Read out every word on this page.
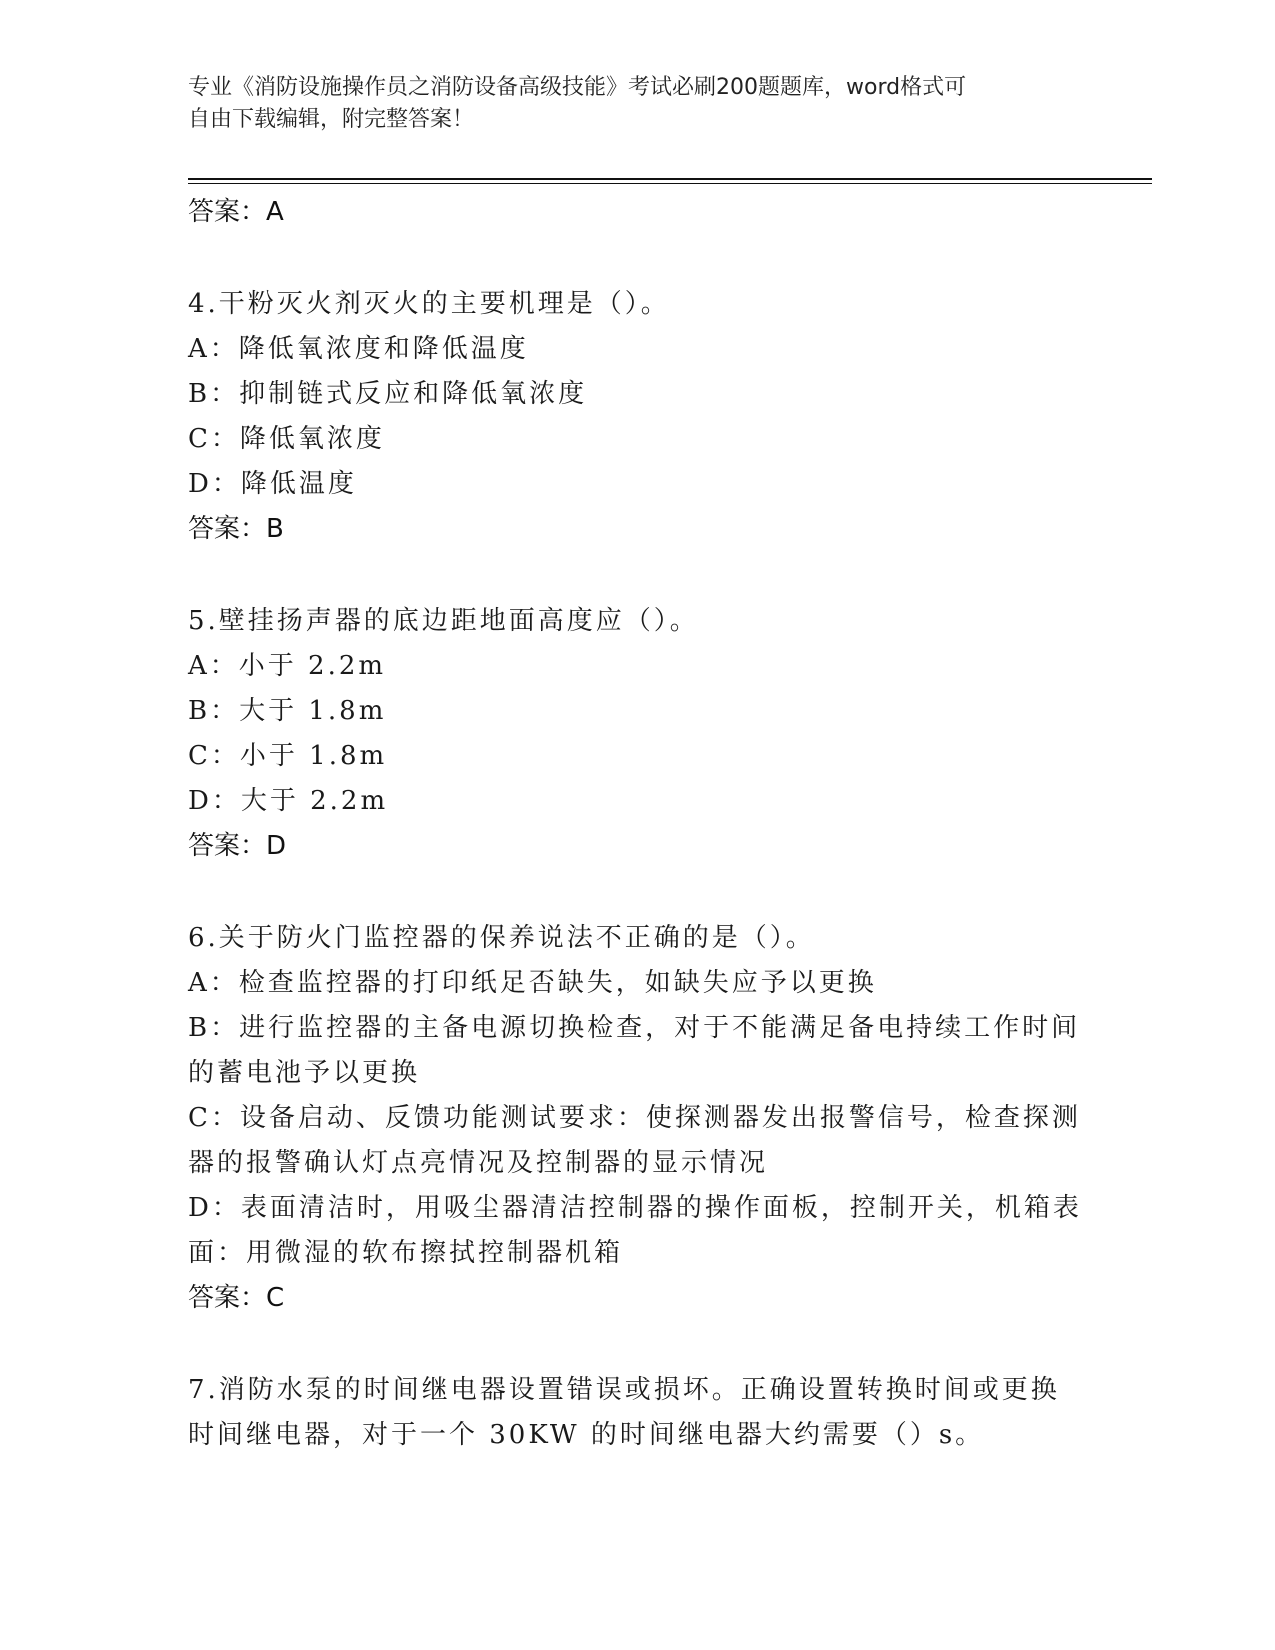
专业《消防设施操作员之消防设备高级技能》考试必刷200题题库，word格式可
自由下载编辑，附完整答案！
答案：A
4.干粉灭火剂灭火的主要机理是（）。
A：降低氧浓度和降低温度
B：抑制链式反应和降低氧浓度
C：降低氧浓度
D：降低温度
答案：B
5.壁挂扬声器的底边距地面高度应（）。
A：小于 2.2m
B：大于 1.8m
C：小于 1.8m
D：大于 2.2m
答案：D
6.关于防火门监控器的保养说法不正确的是（）。
A：检查监控器的打印纸足否缺失，如缺失应予以更换
B：进行监控器的主备电源切换检查，对于不能满足备电持续工作时间
的蓄电池予以更换
C：设备启动、反馈功能测试要求：使探测器发出报警信号，检查探测
器的报警确认灯点亮情况及控制器的显示情况
D：表面清洁时，用吸尘器清洁控制器的操作面板，控制开关，机箱表
面：用微湿的软布擦拭控制器机箱
答案：C
7.消防水泵的时间继电器设置错误或损坏。正确设置转换时间或更换
时间继电器，对于一个 30KW 的时间继电器大约需要（）s。
